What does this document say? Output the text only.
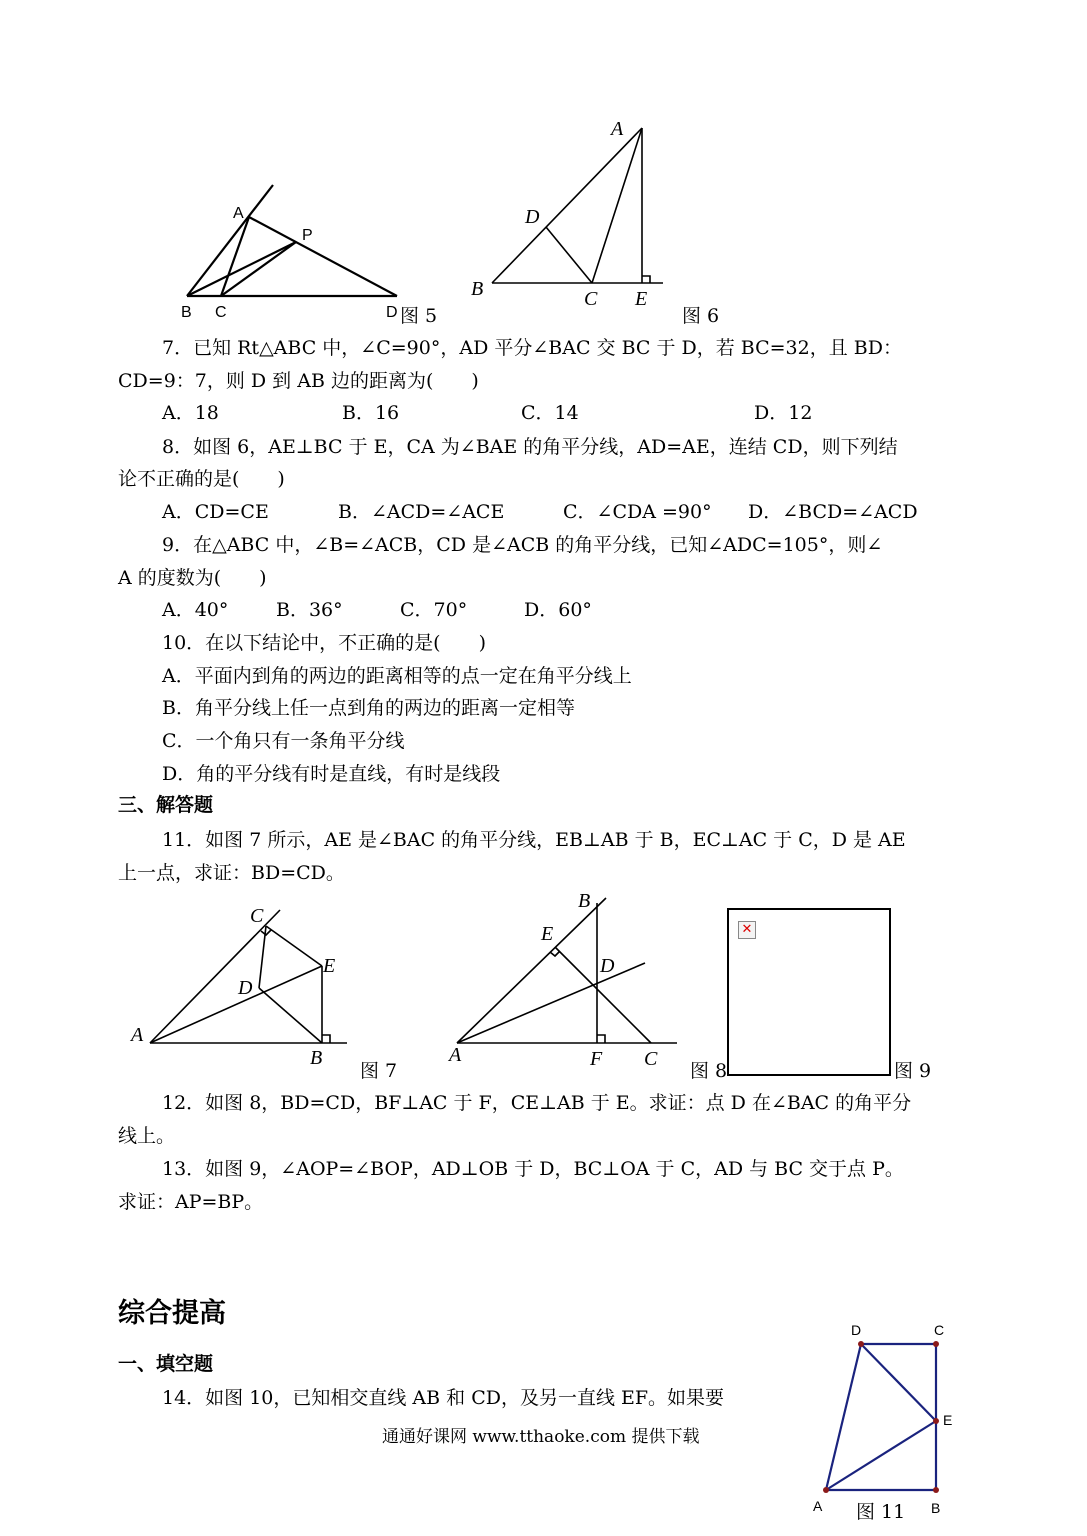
A
P
B C	D 图 5
A
D
B	C E
图 6
7．已知 Rt△ABC 中，∠C=90°，AD 平分∠BAC 交 BC 于 D，若 BC=32，且 BD：
CD=9：7，则 D 到 AB 边的距离为(　　)
A．18	B．16	C．14	D．12
8．如图 6，AE⊥BC 于 E，CA 为∠BAE 的角平分线，AD=AE，连结 CD，则下列结
论不正确的是(　　)
A．CD=CE	B．∠ACD=∠ACE	C．∠CDA =90° D．∠BCD=∠ACD
9．在△ABC 中，∠B=∠ACB，CD 是∠ACB 的角平分线，已知∠ADC=105°，则∠
A 的度数为(　　)
A．40°	B．36°	C．70°	D．60°
10．在以下结论中，不正确的是(　　)
A．平面内到角的两边的距离相等的点一定在角平分线上
B．角平分线上任一点到角的两边的距离一定相等
C．一个角只有一条角平分线
D．角的平分线有时是直线，有时是线段
三、解答题
11．如图 7 所示，AE 是∠BAC 的角平分线，EB⊥AB 于 B，EC⊥AC 于 C，D 是 AE
上一点，求证：BD=CD。
C
E
D
A
B
图 7
B
E
D
A	F C
图 8
✕
图 9
12．如图 8，BD=CD，BF⊥AC 于 F，CE⊥AB 于 E。求证：点 D 在∠BAC 的角平分
线上。
13．如图 9，∠AOP=∠BOP，AD⊥OB 于 D，BC⊥OA 于 C，AD 与 BC 交于点 P。
求证：AP=BP。
综合提高
一、填空题
14．如图 10，已知相交直线 AB 和 CD，及另一直线 EF。如果要
通通好课网 www.tthaoke.com 提供下载
D	C
E
A	B
图 11
